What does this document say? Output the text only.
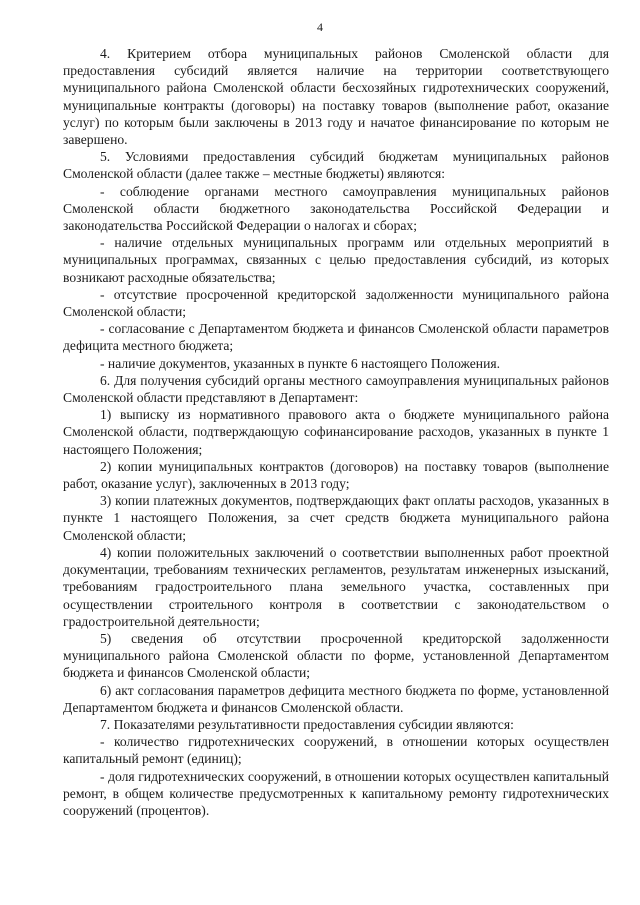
4

4. Критерием отбора муниципальных районов Смоленской области для предоставления субсидий является наличие на территории соответствующего муниципального района Смоленской области бесхозяйных гидротехнических сооружений, муниципальные контракты (договоры) на поставку товаров (выполнение работ, оказание услуг) по которым были заключены в 2013 году и начатое финансирование по которым не завершено.

5. Условиями предоставления субсидий бюджетам муниципальных районов Смоленской области (далее также – местные бюджеты) являются:

- соблюдение органами местного самоуправления муниципальных районов Смоленской области бюджетного законодательства Российской Федерации и законодательства Российской Федерации о налогах и сборах;

- наличие отдельных муниципальных программ или отдельных мероприятий в муниципальных программах, связанных с целью предоставления субсидий, из которых возникают расходные обязательства;

- отсутствие просроченной кредиторской задолженности муниципального района Смоленской области;

- согласование с Департаментом бюджета и финансов Смоленской области параметров дефицита местного бюджета;

- наличие документов, указанных в пункте 6 настоящего Положения.

6. Для получения субсидий органы местного самоуправления муниципальных районов Смоленской области представляют в Департамент:

1) выписку из нормативного правового акта о бюджете муниципального района Смоленской области, подтверждающую софинансирование расходов, указанных в пункте 1 настоящего Положения;

2) копии муниципальных контрактов (договоров) на поставку товаров (выполнение работ, оказание услуг), заключенных в 2013 году;

3) копии платежных документов, подтверждающих факт оплаты расходов, указанных в пункте 1 настоящего Положения, за счет средств бюджета муниципального района Смоленской области;

4) копии положительных заключений о соответствии выполненных работ проектной документации, требованиям технических регламентов, результатам инженерных изысканий, требованиям градостроительного плана земельного участка, составленных при осуществлении строительного контроля в соответствии с законодательством о градостроительной деятельности;

5) сведения об отсутствии просроченной кредиторской задолженности муниципального района Смоленской области по форме, установленной Департаментом бюджета и финансов Смоленской области;

6) акт согласования параметров дефицита местного бюджета по форме, установленной Департаментом бюджета и финансов Смоленской области.

7. Показателями результативности предоставления субсидии являются:

- количество гидротехнических сооружений, в отношении которых осуществлен капитальный ремонт (единиц);

- доля гидротехнических сооружений, в отношении которых осуществлен капитальный ремонт, в общем количестве предусмотренных к капитальному ремонту гидротехнических сооружений (процентов).
